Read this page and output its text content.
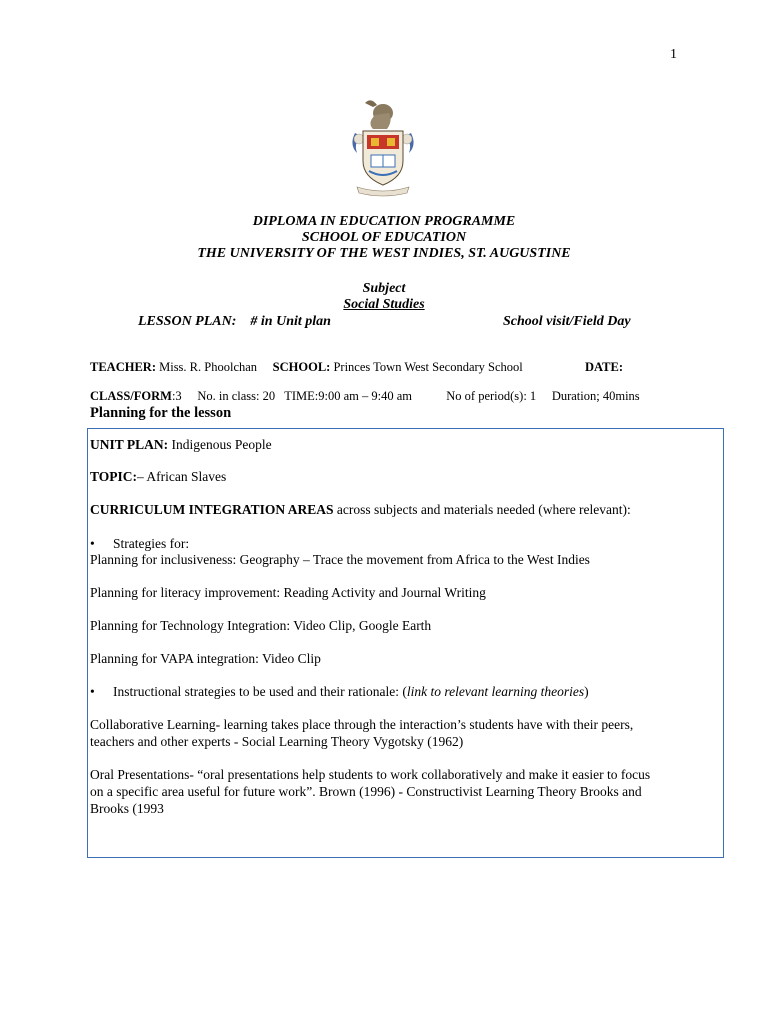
1
DIPLOMA IN EDUCATION PROGRAMME
SCHOOL OF EDUCATION
THE UNIVERSITY OF THE WEST INDIES, ST. AUGUSTINE
Subject
Social Studies
LESSON PLAN: # in Unit plan	School visit/Field Day
TEACHER: Miss. R. Phoolchan SCHOOL: Princes Town West Secondary School	DATE:
CLASS/FORM:3 No. in class: 20 TIME:9:00 am – 9:40 am	No of period(s): 1 Duration; 40mins
Planning for the lesson
UNIT PLAN: Indigenous People
TOPIC:– African Slaves
CURRICULUM INTEGRATION AREAS across subjects and materials needed (where relevant):
• Strategies for:
Planning for inclusiveness: Geography – Trace the movement from Africa to the West Indies
Planning for literacy improvement: Reading Activity and Journal Writing
Planning for Technology Integration: Video Clip, Google Earth
Planning for VAPA integration: Video Clip
• Instructional strategies to be used and their rationale: (link to relevant learning theories)
Collaborative Learning- learning takes place through the interaction’s students have with their peers,
teachers and other experts - Social Learning Theory Vygotsky (1962)
Oral Presentations- “oral presentations help students to work collaboratively and make it easier to focus
on a specific area useful for future work”. Brown (1996) - Constructivist Learning Theory Brooks and
Brooks (1993
